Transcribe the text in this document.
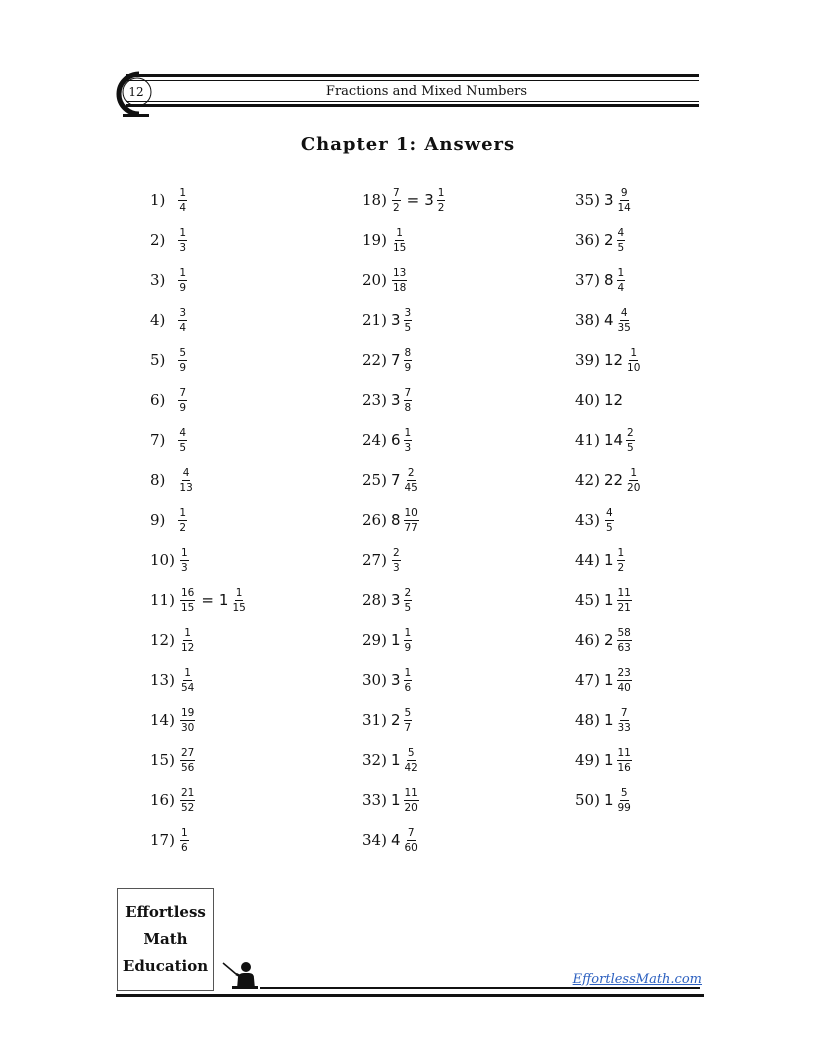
12	Fractions and Mixed Numbers
Chapter 1: Answers
$1) \frac{1}{4}$
$2) \frac{1}{3}$
$3) \frac{1}{9}$
$4) \frac{3}{4}$
$5) \frac{5}{9}$
$6) \frac{7}{9}$
$7) \frac{4}{5}$
$8) \frac{4}{13}$
$9) \frac{1}{2}$
$10) \frac{1}{3}$
$11) \frac{16}{15} = 1 \frac{1}{15}$
$12) \frac{1}{12}$
$13) \frac{1}{54}$
$14) \frac{19}{30}$
$15) \frac{27}{56}$
$16) \frac{21}{52}$
$17) \frac{1}{6}$
$18) \frac{7}{2} = 3 \frac{1}{2}$
$19) \frac{1}{15}$
$20) \frac{13}{18}$
21) $3 \frac{3}{5}$
22) $7 \frac{8}{9}$
23) $3 \frac{7}{8}$
24) $6 \frac{1}{3}$
25) $7 \frac{2}{45}$
26) $8 \frac{10}{77}$
$27) \frac{2}{3}$
28) $3 \frac{2}{5}$
29) $1 \frac{1}{9}$
30) $3 \frac{1}{6}$
31) $2 \frac{5}{7}$
32) $1 \frac{5}{42}$
33) $1 \frac{11}{20}$
34) $4 \frac{7}{60}$
35) $3 \frac{9}{14}$
36) $2 \frac{4}{5}$
37) $8 \frac{1}{4}$
38) $4 \frac{4}{35}$
39) $12 \frac{1}{10}$
40) 12
41) $14 \frac{2}{5}$
42) $22 \frac{1}{20}$
$43) \frac{4}{5}$
44) $1 \frac{1}{2}$
45) $1 \frac{11}{21}$
46) $2 \frac{58}{63}$
47) $1 \frac{23}{40}$
48) $1 \frac{7}{33}$
49) $1 \frac{11}{16}$
50) $1 \frac{5}{99}$
Effortless
Math
Education
EffortlessMath.com
